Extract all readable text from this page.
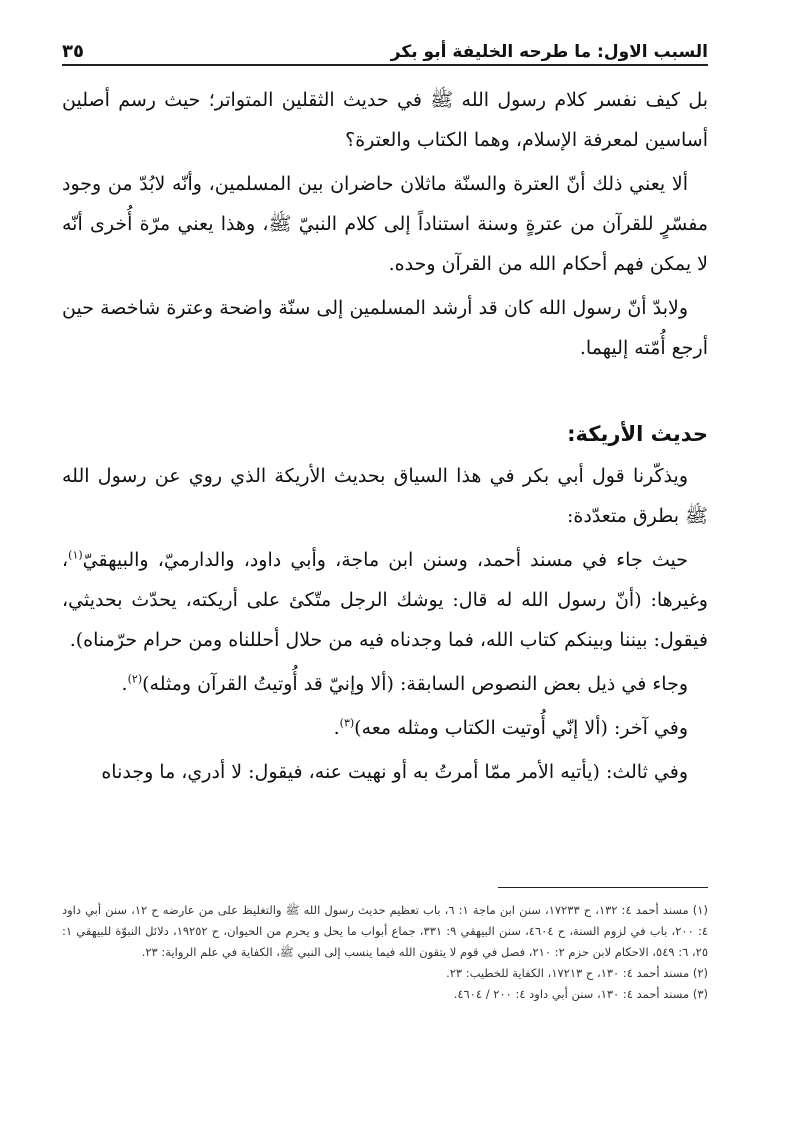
السبب الاول: ما طرحه الخليفة أبو بكر
٣٥

بل كيف نفسر كلام رسول الله ﷺ في حديث الثقلين المتواتر؛ حيث رسم أصلين أساسين لمعرفة الإسلام، وهما الكتاب والعترة؟

ألا يعني ذلك أنّ العترة والسنّة ماثلان حاضران بين المسلمين، وأنّه لابُدّ من وجود مفسّرٍ للقرآن من عترةٍ وسنة استناداً إلى كلام النبيّ ﷺ، وهذا يعني مرّة أُخرى أنّه لا يمكن فهم أحكام الله من القرآن وحده.

ولابدّ أنّ رسول الله كان قد أرشد المسلمين إلى سنّة واضحة وعترة شاخصة حين أرجع أُمّته إليهما.

حديث الأريكة:

ويذكّرنا قول أبي بكر في هذا السياق بحديث الأريكة الذي روي عن رسول الله ﷺ بطرق متعدّدة:

حيث جاء في مسند أحمد، وسنن ابن ماجة، وأبي داود، والدارميّ، والبيهقيّ$^{(١)}$، وغيرها: (أنّ رسول الله له قال: يوشك الرجل متّكئ على أريكته، يحدّث بحديثي، فيقول: بيننا وبينكم كتاب الله، فما وجدناه فيه من حلال أحللناه ومن حرام حرّمناه).

وجاء في ذيل بعض النصوص السابقة: (ألا وإنيّ قد أُوتيتُ القرآن ومثله)$^{(٢)}$.

وفي آخر: (ألا إنّي أُوتيت الكتاب ومثله معه)$^{(٣)}$.

وفي ثالث: (يأتيه الأمر ممّا أمرتُ به أو نهيت عنه، فيقول: لا أدري، ما وجدناه

(١) مسند أحمد ٤: ١٣٢، ح ١٧٢٣٣، سنن ابن ماجة ١: ٦، باب تعظيم حديث رسول الله ﷺ والتغليظ على من عارضه ح ١٢، سنن أبي داود ٤: ٢٠٠، باب في لزوم السنة، ح ٤٦٠٤، سنن البيهقي ٩: ٣٣١، جماع أبواب ما يحل و يحرم من الحيوان، ح ١٩٢٥٢، دلائل النبوّة للبيهقي ١: ٢٥، ٦: ٥٤٩، الاحكام لابن حزم ٢: ٢١٠، فصل في قوم لا يتقون الله فيما ينسب إلى النبي ﷺ، الكفاية في علم الرواية: ٢٣.

(٢) مسند أحمد ٤: ١٣٠، ح ١٧٢١٣، الكفاية للخطيب: ٢٣.

(٣) مسند أحمد ٤: ١٣٠، سنن أبي داود ٤: ٢٠٠ / ٤٦٠٤.
